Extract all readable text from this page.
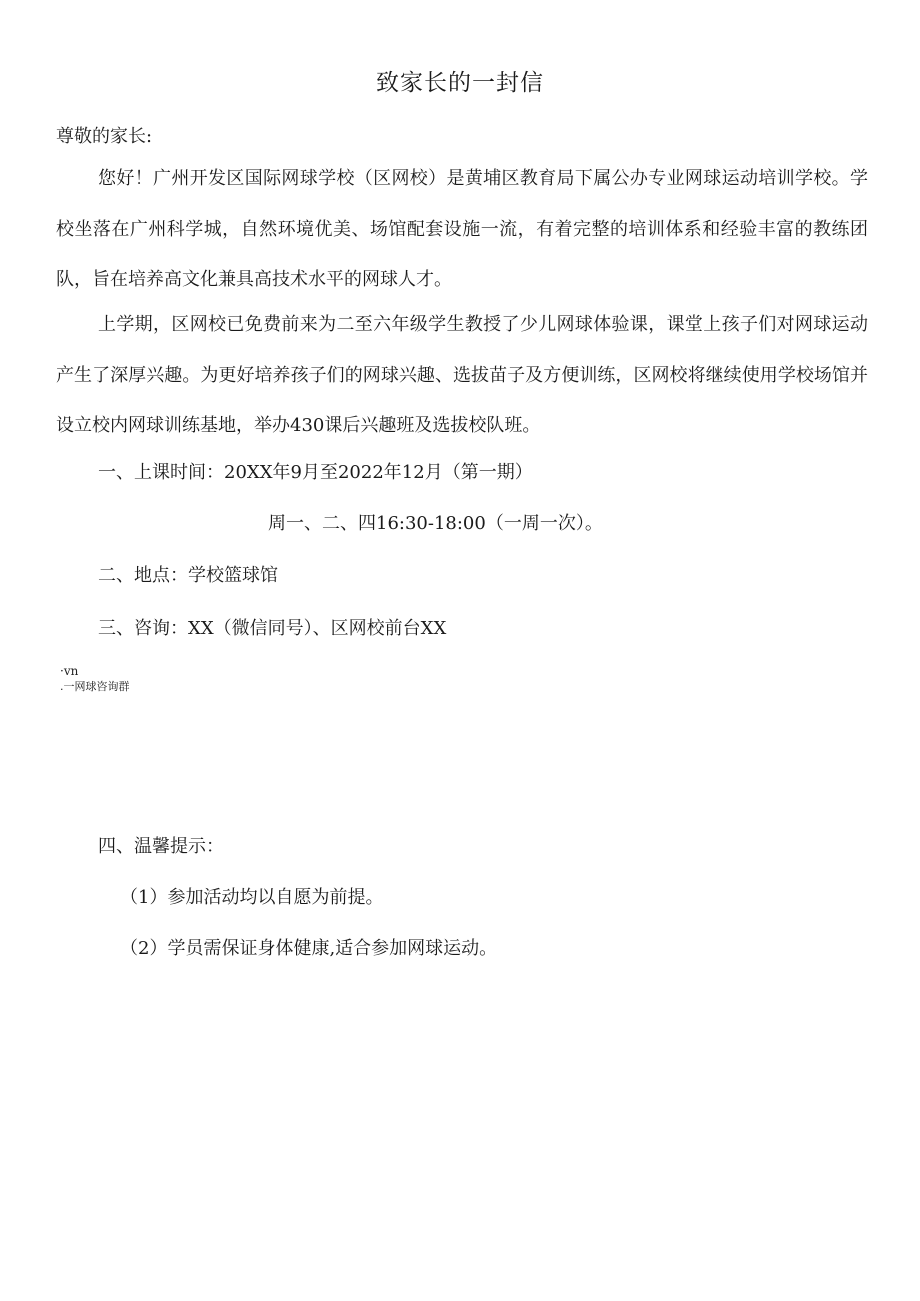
致家长的一封信
尊敬的家长:
您好！广州开发区国际网球学校（区网校）是黄埔区教育局下属公办专业网球运动培训学校。学校坐落在广州科学城，自然环境优美、场馆配套设施一流，有着完整的培训体系和经验丰富的教练团队，旨在培养高文化兼具高技术水平的网球人才。
上学期，区网校已免费前来为二至六年级学生教授了少儿网球体验课，课堂上孩子们对网球运动产生了深厚兴趣。为更好培养孩子们的网球兴趣、选拔苗子及方便训练，区网校将继续使用学校场馆并设立校内网球训练基地，举办430课后兴趣班及选拔校队班。
一、上课时间：20XX年9月至2022年12月（第一期）
周一、二、四16:30-18:00（一周一次）。
二、地点：学校篮球馆
三、咨询：XX（微信同号）、区网校前台XX
·vn
.一网球咨询群
四、温馨提示：
（1）参加活动均以自愿为前提。
（2）学员需保证身体健康,适合参加网球运动。
